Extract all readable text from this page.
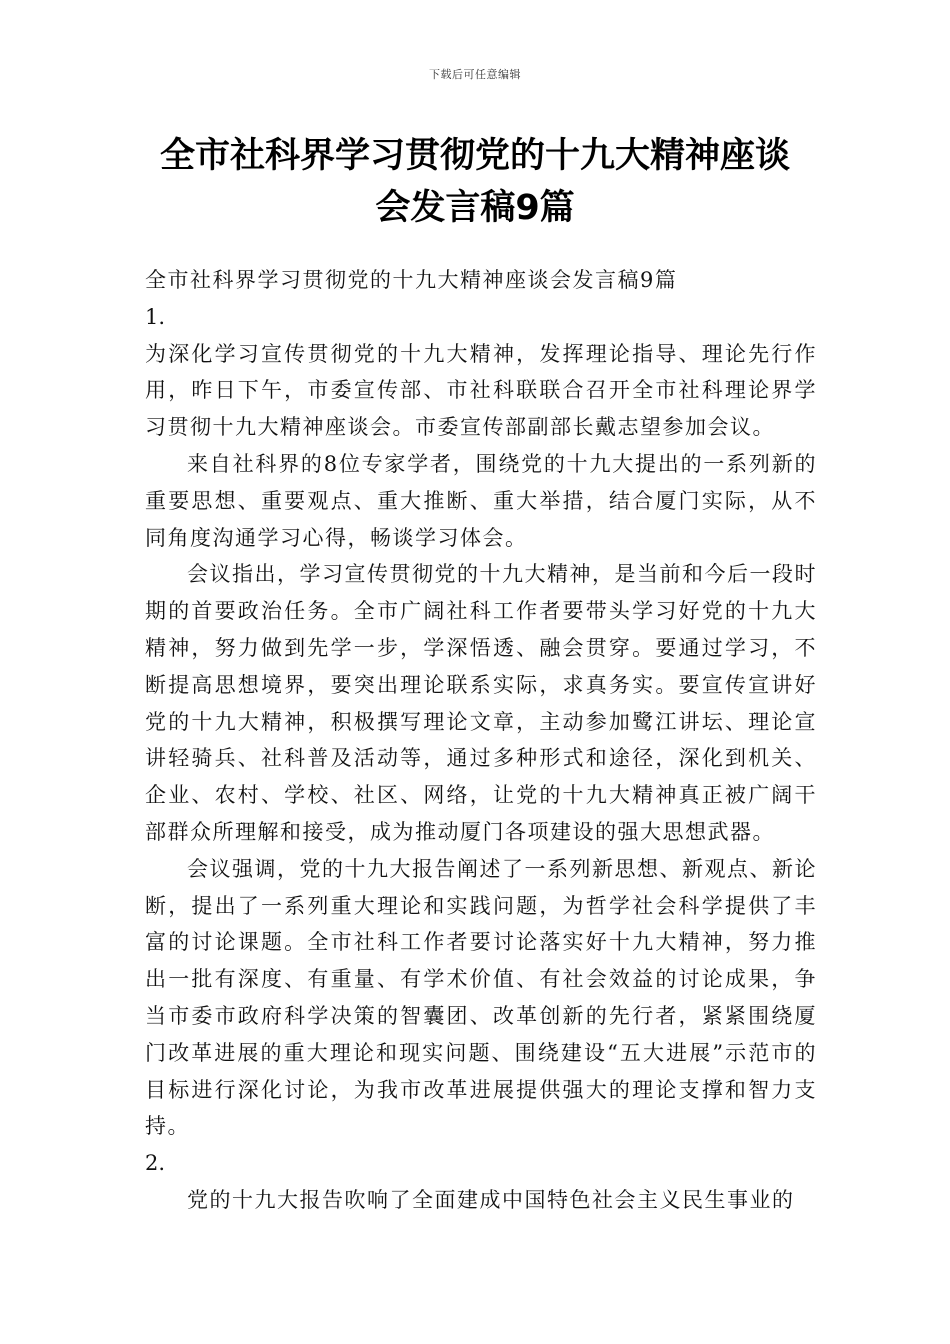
下载后可任意编辑
全市社科界学习贯彻党的十九大精神座谈
会发言稿9篇

全市社科界学习贯彻党的十九大精神座谈会发言稿9篇

1.

为深化学习宣传贯彻党的十九大精神，发挥理论指导、理论先行作用，昨日下午，市委宣传部、市社科联联合召开全市社科理论界学习贯彻十九大精神座谈会。市委宣传部副部长戴志望参加会议。

来自社科界的8位专家学者，围绕党的十九大提出的一系列新的重要思想、重要观点、重大推断、重大举措，结合厦门实际，从不同角度沟通学习心得，畅谈学习体会。

会议指出，学习宣传贯彻党的十九大精神，是当前和今后一段时期的首要政治任务。全市广阔社科工作者要带头学习好党的十九大精神，努力做到先学一步，学深悟透、融会贯穿。要通过学习，不断提高思想境界，要突出理论联系实际，求真务实。要宣传宣讲好党的十九大精神，积极撰写理论文章，主动参加鹭江讲坛、理论宣讲轻骑兵、社科普及活动等，通过多种形式和途径，深化到机关、企业、农村、学校、社区、网络，让党的十九大精神真正被广阔干部群众所理解和接受，成为推动厦门各项建设的强大思想武器。

会议强调，党的十九大报告阐述了一系列新思想、新观点、新论断，提出了一系列重大理论和实践问题，为哲学社会科学提供了丰富的讨论课题。全市社科工作者要讨论落实好十九大精神，努力推出一批有深度、有重量、有学术价值、有社会效益的讨论成果，争当市委市政府科学决策的智囊团、改革创新的先行者，紧紧围绕厦门改革进展的重大理论和现实问题、围绕建设“五大进展”示范市的目标进行深化讨论，为我市改革进展提供强大的理论支撑和智力支持。

2.

党的十九大报告吹响了全面建成中国特色社会主义民生事业的
